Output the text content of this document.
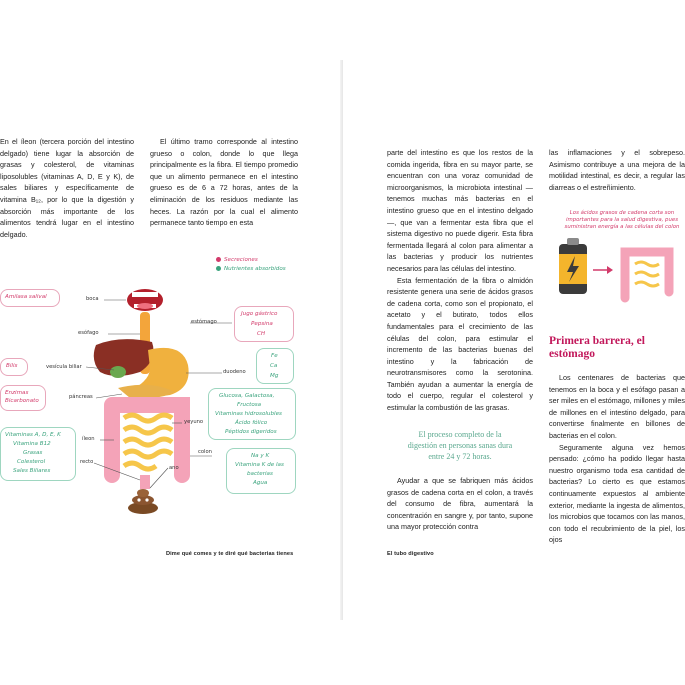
En el íleon (tercera porción del intestino delgado) tiene lugar la absorción de grasas y colesterol, de vitaminas liposolubles (vitaminas A, D, E y K), de sales biliares y específicamente de vitamina B₁₂, por lo que la digestión y absorción más importante de los alimentos tendrá lugar en el intestino delgado.

El último tramo corresponde al intestino grueso o colon, donde lo que llega principalmente es la fibra. El tiempo promedio que un alimento permanece en el intestino grueso es de 6 a 72 horas, antes de la eliminación de los residuos mediante las heces. La razón por la cual el alimento permanece tanto tiempo en esta

Secreciones
Nutrientes absorbidos
boca
esófago
estómago
vesícula biliar
duodeno
páncreas
yeyuno
íleon
colon
recto
ano
Amilasa salival
Bilis
Enzimas
Bicarbonato
Vitaminas A, D, E, K
Vitamina B12
Grasas
Colesterol
Sales Biliares
Jugo gástrico
Pepsina
CH
Fe
Ca
Mg
Glucosa, Galactosa,
Fructosa
Vitaminas hidrosolubles
Ácido fólico
Péptidos digeridos
Na y K
Vitamina K de las
bacterias
Agua
Dime qué comes y te diré qué bacterias tienes

parte del intestino es que los restos de la comida ingerida, fibra en su mayor parte, se encuentran con una voraz comunidad de microorganismos, la microbiota intestinal —tenemos muchas más bacterias en el intestino grueso que en el intestino delgado—, que van a fermentar esta fibra que el sistema digestivo no puede digerir. Esta fibra fermentada llegará al colon para alimentar a las bacterias y producir los nutrientes necesarios para las células del intestino.

Esta fermentación de la fibra o almidón resistente genera una serie de ácidos grasos de cadena corta, como son el propionato, el acetato y el butirato, todos ellos fundamentales para el crecimiento de las células del colon, para estimular el incremento de las bacterias buenas del intestino y la fabricación de neurotransmisores como la serotonina. También ayudan a aumentar la energía de todo el cuerpo, regular el colesterol y estimular la combustión de las grasas.

El proceso completo de la digestión en personas sanas dura entre 24 y 72 horas.

Ayudar a que se fabriquen más ácidos grasos de cadena corta en el colon, a través del consumo de fibra, aumentará la concentración en sangre y, por tanto, supone una mayor protección contra

las inflamaciones y el sobrepeso. Asimismo contribuye a una mejora de la motilidad intestinal, es decir, a regular las diarreas o el estreñimiento.

Los ácidos grasos de cadena corta son importantes para la salud digestiva, pues suministran energía a las células del colon
Primera barrera, el estómago

Los centenares de bacterias que tenemos en la boca y el esófago pasan a ser miles en el estómago, millones y miles de millones en el intestino delgado, para convertirse finalmente en billones de bacterias en el colon.

Seguramente alguna vez hemos pensado: ¿cómo ha podido llegar hasta nuestro organismo toda esa cantidad de bacterias? Lo cierto es que estamos continuamente expuestos al ambiente exterior, mediante la ingesta de alimentos, los microbios que tocamos con las manos, con todo el recubrimiento de la piel, los ojos

El tubo digestivo
